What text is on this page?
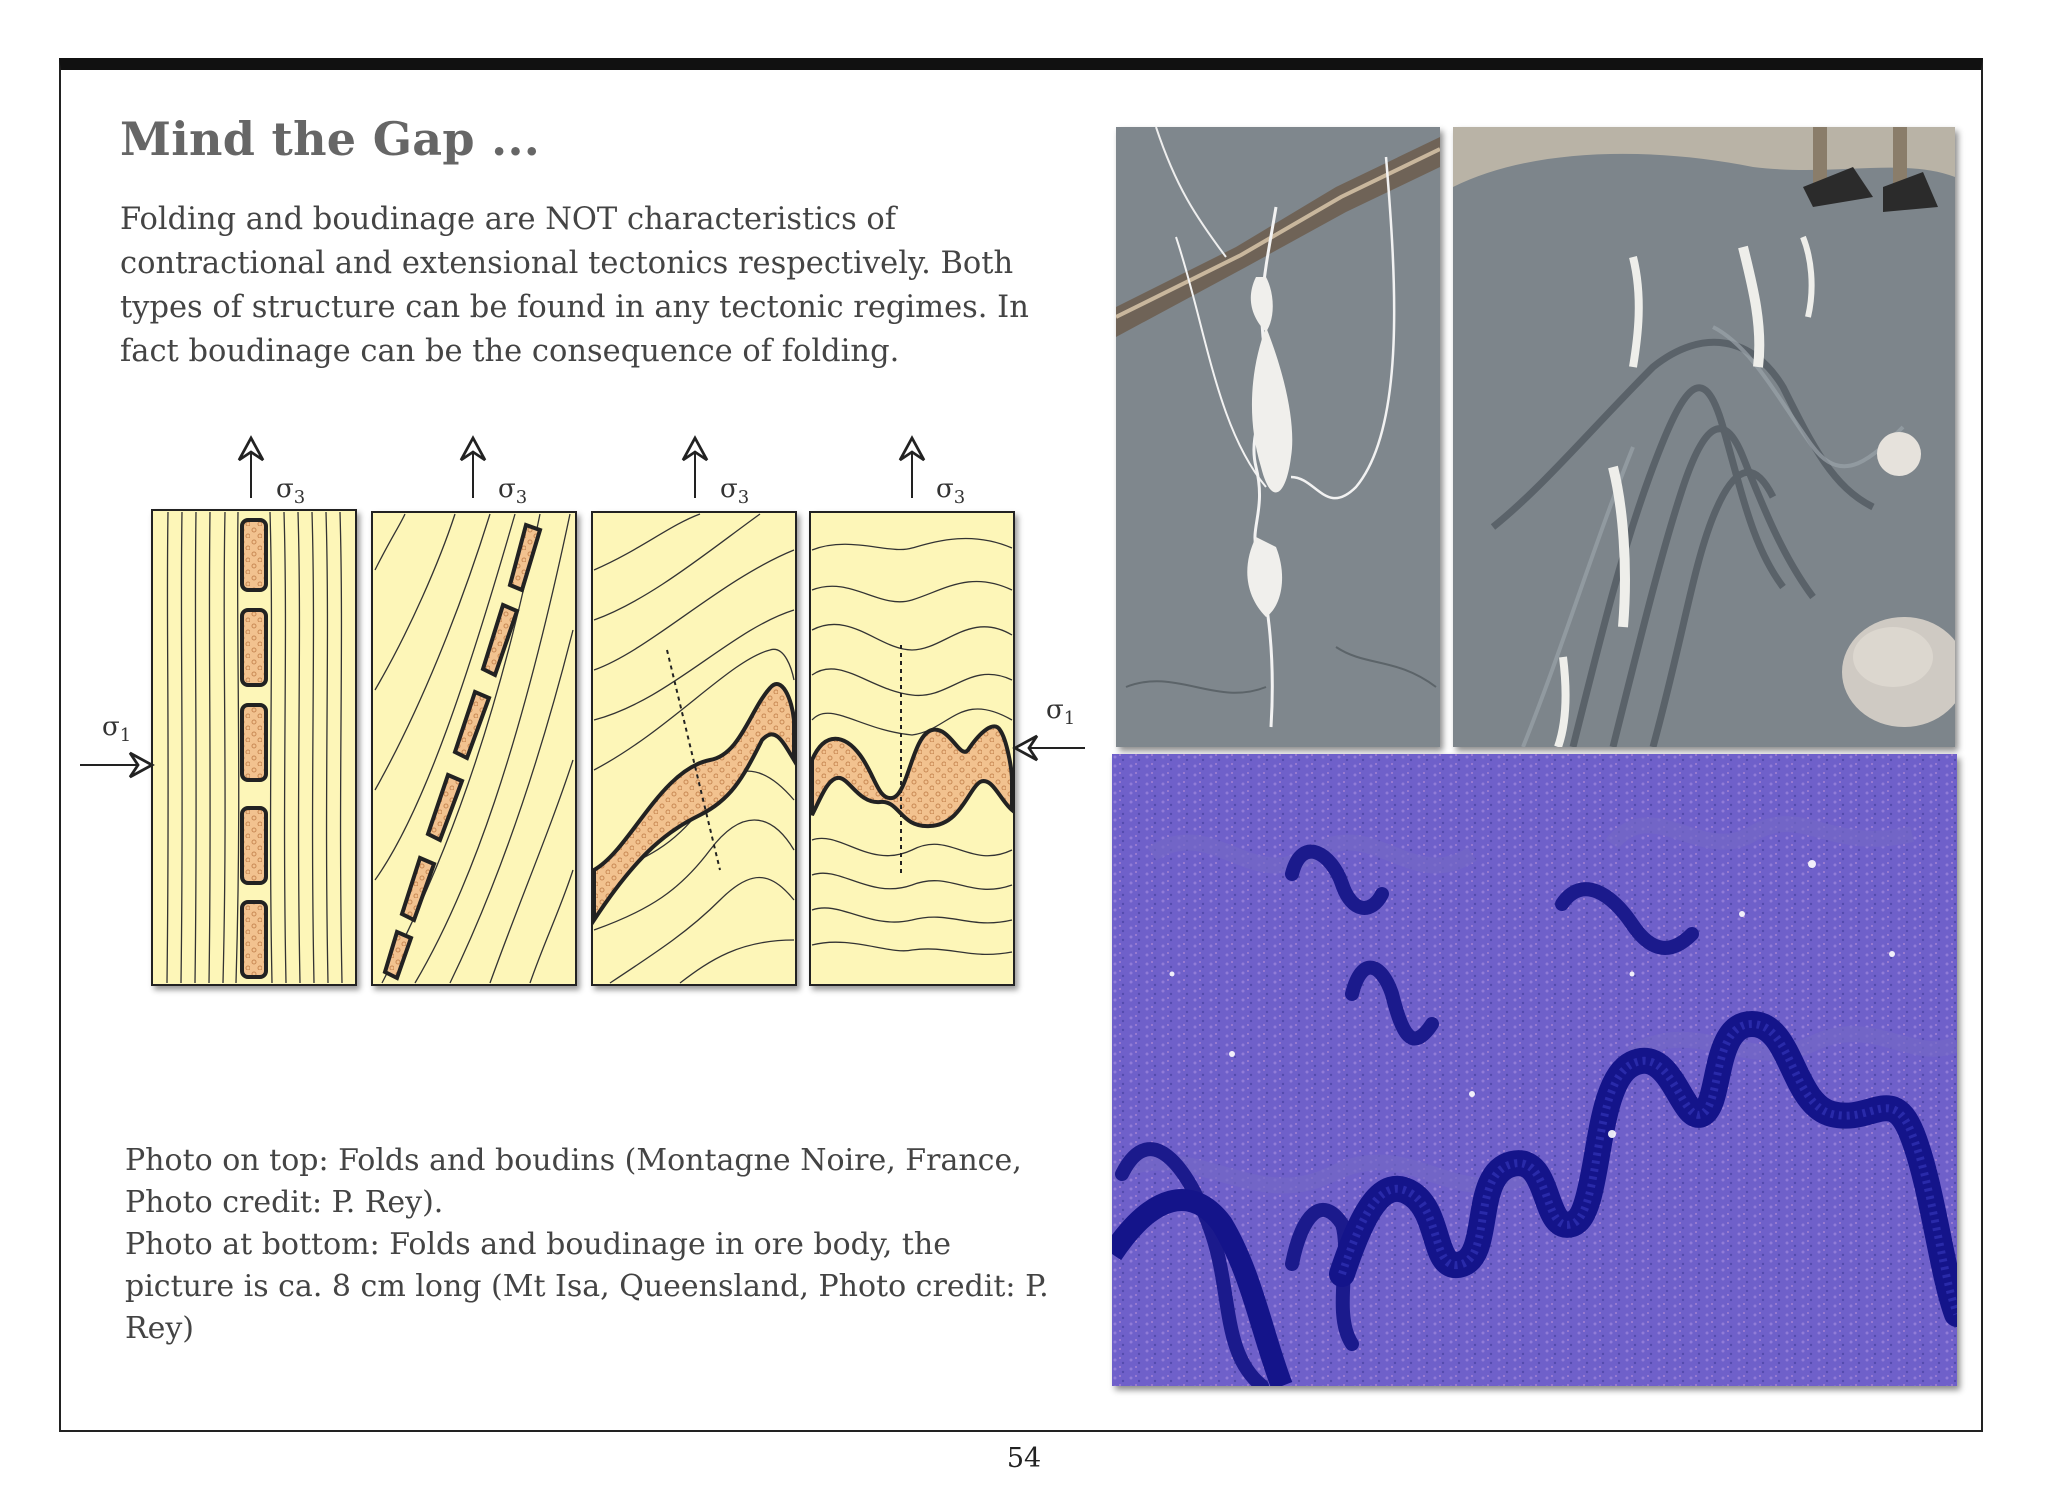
Mind the Gap ...

Folding and boudinage are NOT characteristics of contractional and extensional tectonics respectively. Both types of structure can be found in any tectonic regimes. In fact boudinage can be the consequence of folding.

$\sigma_3$	$\sigma_3$	$\sigma_3$	$\sigma_3$
$\sigma_1$
$\sigma_1$

Photo on top: Folds and boudins (Montagne Noire, France, Photo credit: P. Rey).

Photo at bottom: Folds and boudinage in ore body, the picture is ca. 8 cm long (Mt Isa, Queensland, Photo credit: P. Rey)

54
